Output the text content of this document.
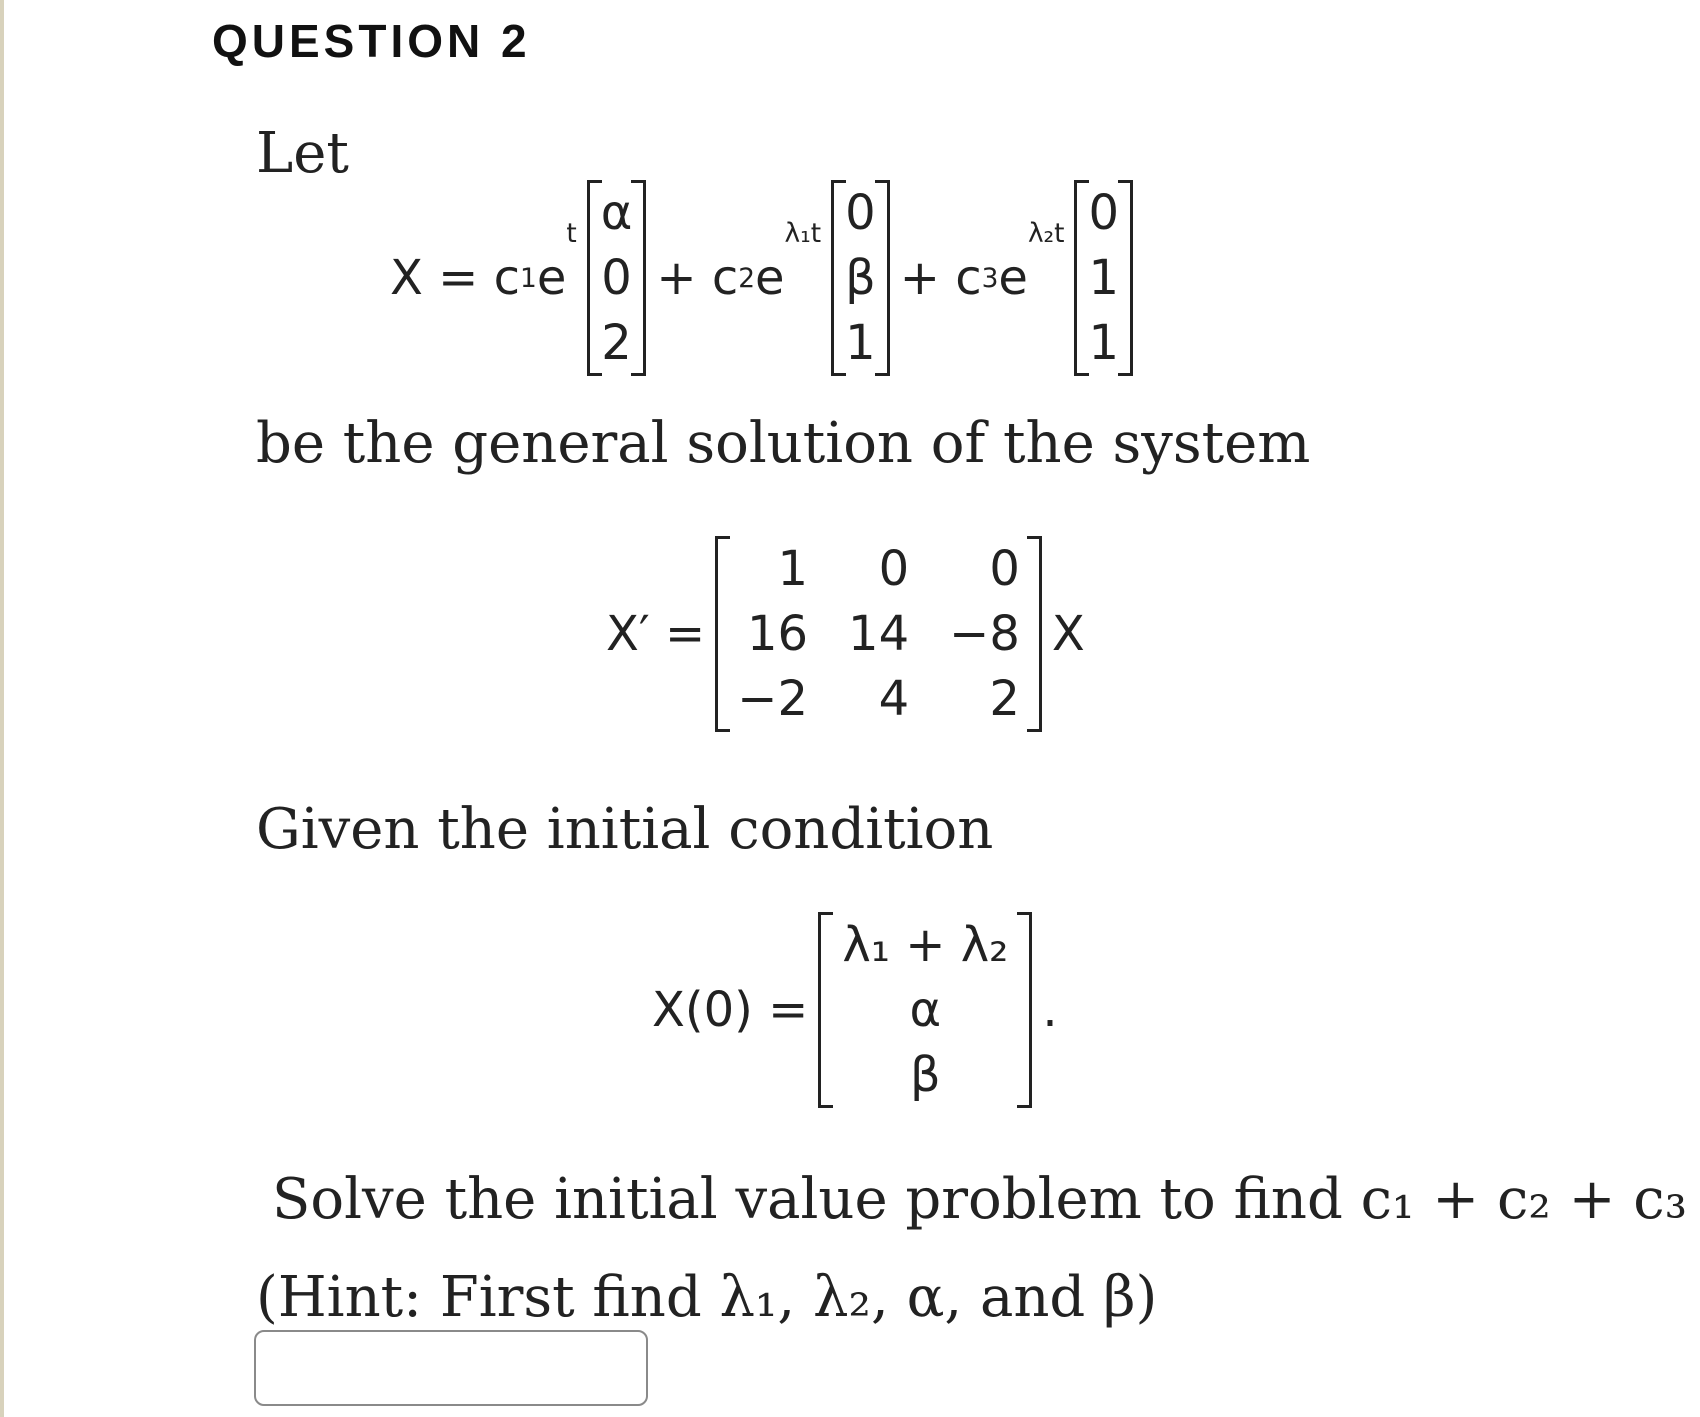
QUESTION 2
Let
X = c 1 e
t α
0
2
+ c 2 e
λ₁t 0
β
1
+ c 3 e
λ₂t 0
1
1
be the general solution of the system
X′ =
1	0	0
16 14 −8
−2	4	2
X
Given the initial condition
X(0) =
λ₁ + λ₂
α
β
.
Solve the initial value problem to find c₁ + c₂ + c₃
(Hint: First find λ₁, λ₂, α, and β)
